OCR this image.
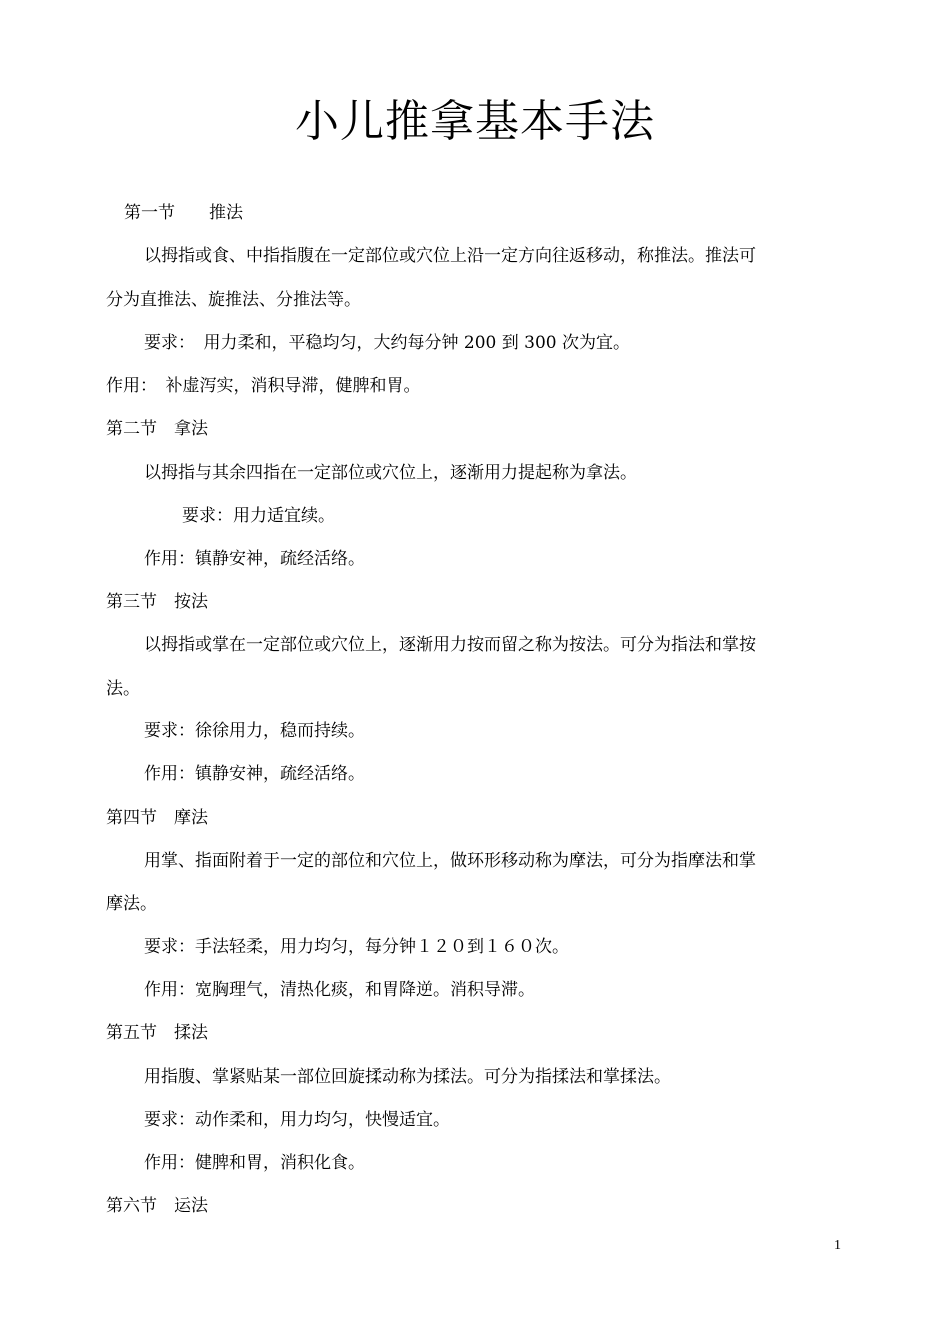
小儿推拿基本手法
第一节　　推法
以拇指或食、中指指腹在一定部位或穴位上沿一定方向往返移动，称推法。推法可
分为直推法、旋推法、分推法等。
要求：　用力柔和，平稳均匀，大约每分钟 200 到 300 次为宜。
作用：　补虚泻实，消积导滞，健脾和胃。
第二节　拿法
以拇指与其余四指在一定部位或穴位上，逐渐用力提起称为拿法。
要求：用力适宜续。
作用：镇静安神，疏经活络。
第三节　按法
以拇指或掌在一定部位或穴位上，逐渐用力按而留之称为按法。可分为指法和掌按
法。
要求：徐徐用力，稳而持续。
作用：镇静安神，疏经活络。
第四节　摩法
用掌、指面附着于一定的部位和穴位上，做环形移动称为摩法，可分为指摩法和掌
摩法。
要求：手法轻柔，用力均匀，每分钟１２０到１６０次。
作用：宽胸理气，清热化痰，和胃降逆。消积导滞。
第五节　揉法
用指腹、掌紧贴某一部位回旋揉动称为揉法。可分为指揉法和掌揉法。
要求：动作柔和，用力均匀，快慢适宜。
作用：健脾和胃，消积化食。
第六节　运法
1
